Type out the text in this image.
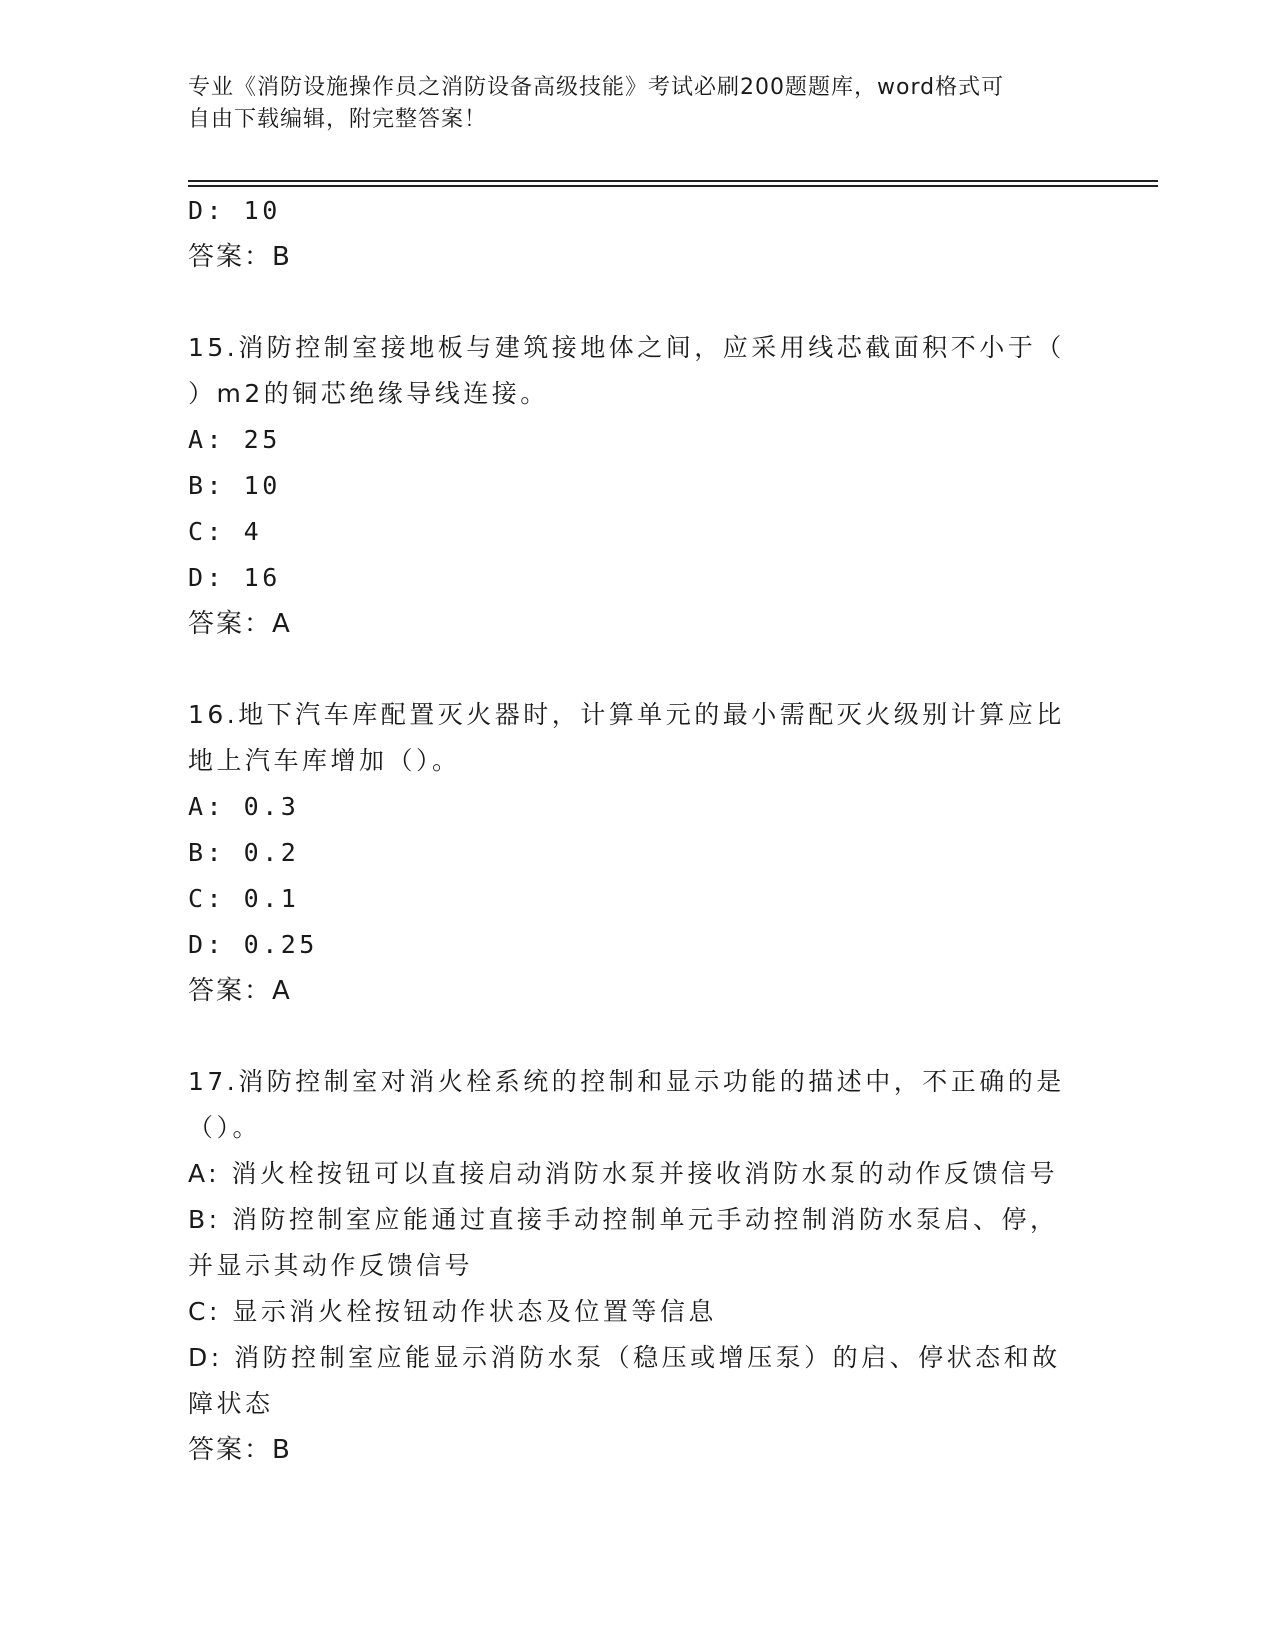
专业《消防设施操作员之消防设备高级技能》考试必刷200题题库，word格式可
自由下载编辑，附完整答案！
D: 10
答案：B
15.消防控制室接地板与建筑接地体之间，应采用线芯截面积不小于（
）m2的铜芯绝缘导线连接。
A: 25
B: 10
C: 4
D: 16
答案：A
16.地下汽车库配置灭火器时，计算单元的最小需配灭火级别计算应比
地上汽车库增加（）。
A: 0.3
B: 0.2
C: 0.1
D: 0.25
答案：A
17.消防控制室对消火栓系统的控制和显示功能的描述中，不正确的是
（）。
A: 消火栓按钮可以直接启动消防水泵并接收消防水泵的动作反馈信号
B: 消防控制室应能通过直接手动控制单元手动控制消防水泵启、停，
并显示其动作反馈信号
C: 显示消火栓按钮动作状态及位置等信息
D: 消防控制室应能显示消防水泵（稳压或增压泵）的启、停状态和故
障状态
答案：B
